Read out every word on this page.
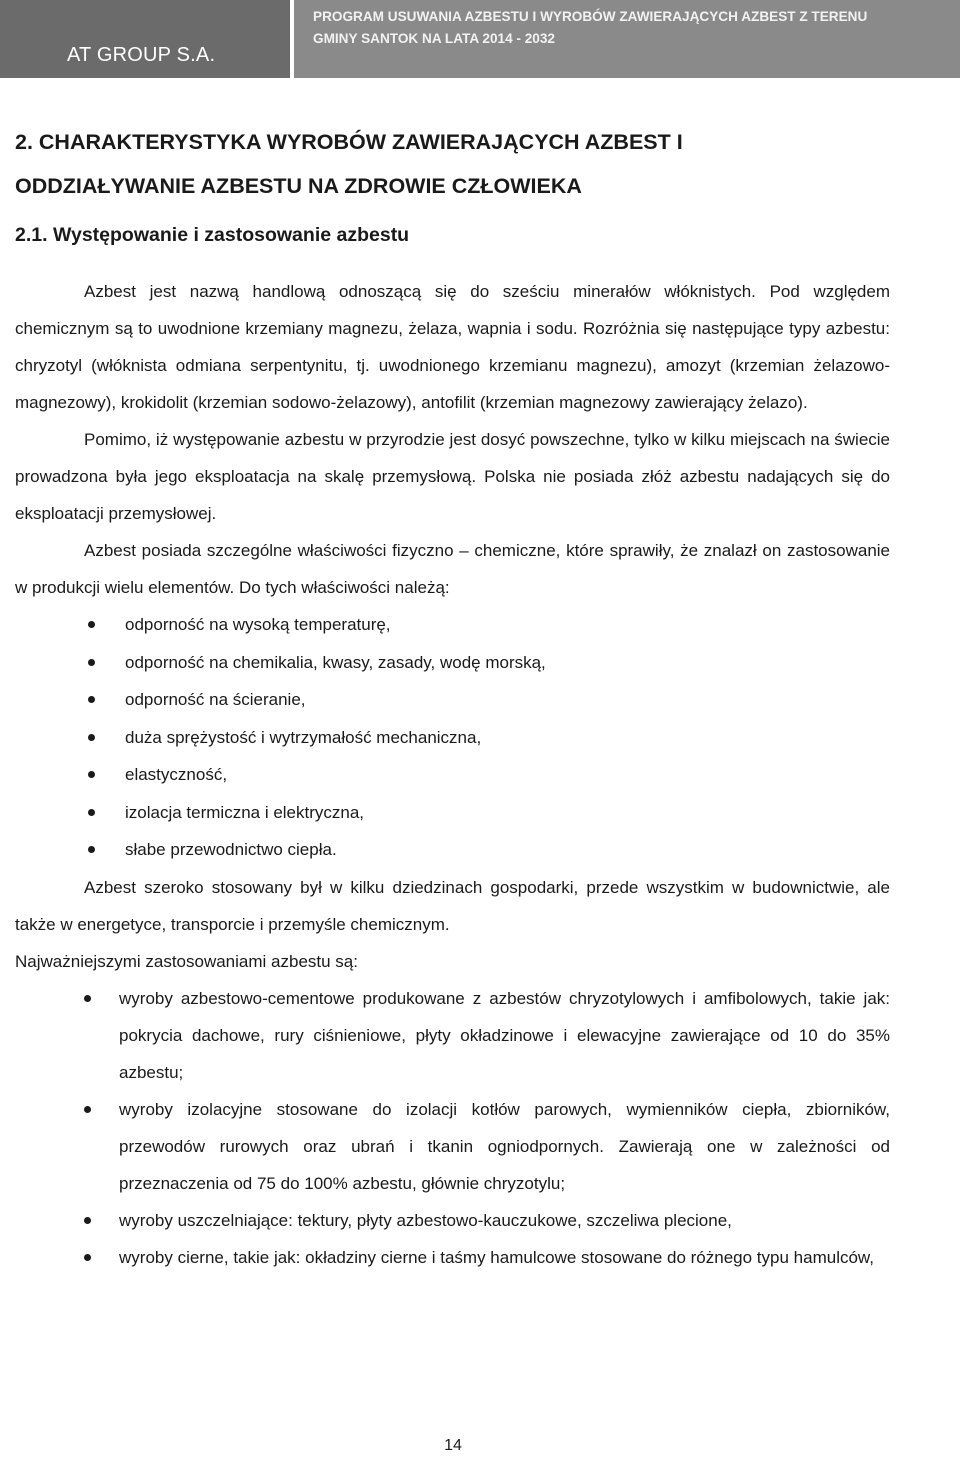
AT GROUP S.A.
PROGRAM USUWANIA AZBESTU I WYROBÓW ZAWIERAJĄCYCH AZBEST Z TERENU
GMINY SANTOK NA LATA 2014 - 2032
2. CHARAKTERYSTYKA WYROBÓW ZAWIERAJĄCYCH AZBEST I
ODDZIAŁYWANIE AZBESTU NA ZDROWIE CZŁOWIEKA
2.1. Występowanie i zastosowanie azbestu

Azbest jest nazwą handlową odnoszącą się do sześciu minerałów włóknistych. Pod względem chemicznym są to uwodnione krzemiany magnezu, żelaza, wapnia i sodu. Rozróżnia się następujące typy azbestu: chryzotyl (włóknista odmiana serpentynitu, tj. uwodnionego krzemianu magnezu), amozyt (krzemian żelazowo-magnezowy), krokidolit (krzemian sodowo-żelazowy), antofilit (krzemian magnezowy zawierający żelazo).

Pomimo, iż występowanie azbestu w przyrodzie jest dosyć powszechne, tylko w kilku miejscach na świecie prowadzona była jego eksploatacja na skalę przemysłową. Polska nie posiada złóż azbestu nadających się do eksploatacji przemysłowej.

Azbest posiada szczególne właściwości fizyczno – chemiczne, które sprawiły, że znalazł on zastosowanie w produkcji wielu elementów. Do tych właściwości należą:

odporność na wysoką temperaturę,
odporność na chemikalia, kwasy, zasady, wodę morską,
odporność na ścieranie,
duża sprężystość i wytrzymałość mechaniczna,
elastyczność,
izolacja termiczna i elektryczna,
słabe przewodnictwo ciepła.

Azbest szeroko stosowany był w kilku dziedzinach gospodarki, przede wszystkim w budownictwie, ale także w energetyce, transporcie i przemyśle chemicznym.

Najważniejszymi zastosowaniami azbestu są:

wyroby azbestowo-cementowe produkowane z azbestów chryzotylowych i amfibolowych, takie jak: pokrycia dachowe, rury ciśnieniowe, płyty okładzinowe i elewacyjne zawierające od 10 do 35% azbestu;
wyroby izolacyjne stosowane do izolacji kotłów parowych, wymienników ciepła, zbiorników, przewodów rurowych oraz ubrań i tkanin ogniodpornych. Zawierają one w zależności od przeznaczenia od 75 do 100% azbestu, głównie chryzotylu;
wyroby uszczelniające: tektury, płyty azbestowo-kauczukowe, szczeliwa plecione,
wyroby cierne, takie jak: okładziny cierne i taśmy hamulcowe stosowane do różnego typu hamulców,
14
